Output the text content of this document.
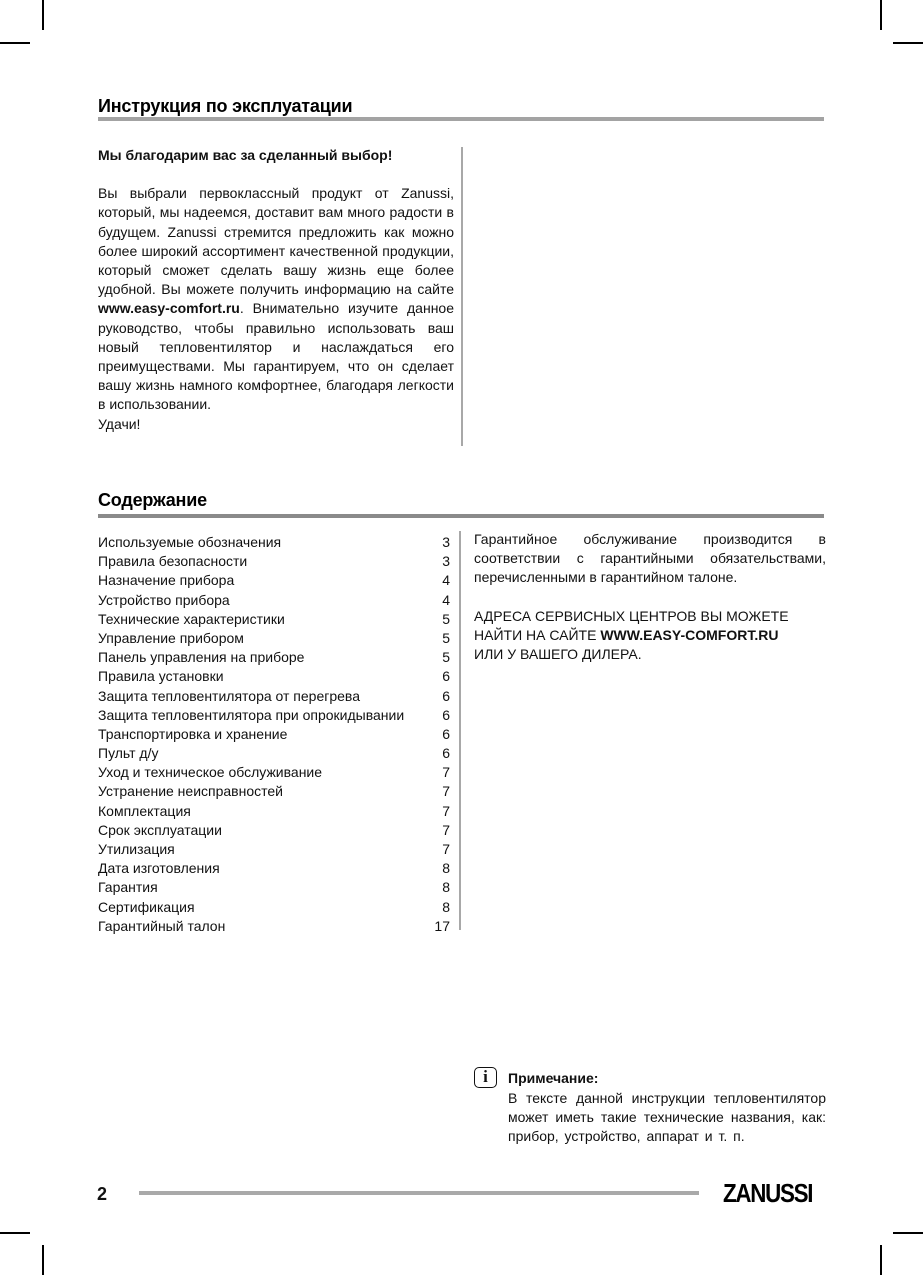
Инструкция по эксплуатации
Мы благодарим вас за сделанный выбор!

Вы выбрали первоклассный продукт от Zanussi, который, мы надеемся, доставит вам много радости в будущем. Zanussi стремится предложить как можно более широкий ассортимент качественной продукции, который сможет сделать вашу жизнь еще более удобной. Вы можете получить информацию на сайте www.easy-comfort.ru. Внимательно изучите данное руководство, чтобы правильно использовать ваш новый тепловентилятор и наслаждаться его преимуществами. Мы гарантируем, что он сделает вашу жизнь намного комфортнее, благодаря легкости в использовании.

Удачи!
Содержание
Используемые обозначения	3
Правила безопасности	3
Назначение прибора	4
Устройство прибора	4
Технические характеристики	5
Управление прибором	5
Панель управления на приборе	5
Правила установки	6
Защита тепловентилятора от перегрева	6
Защита тепловентилятора при опрокидывании	6
Транспортировка и хранение	6
Пульт д/у	6
Уход и техническое обслуживание	7
Устранение неисправностей	7
Комплектация	7
Срок эксплуатации	7
Утилизация	7
Дата изготовления	8
Гарантия	8
Сертификация	8
Гарантийный талон	17

Гарантийное обслуживание производится в соответствии с гарантийными обязательствами, перечисленными в гарантийном талоне.

АДРЕСА СЕРВИСНЫХ ЦЕНТРОВ ВЫ МОЖЕТЕ
НАЙТИ НА САЙТЕ WWW.EASY-COMFORT.RU
ИЛИ У ВАШЕГО ДИЛЕРА.
i	Примечание:
В тексте данной инструкции тепловентилятор может иметь такие технические названия, как: прибор, устройство, аппарат и т. п.
2	ZANUSSI
